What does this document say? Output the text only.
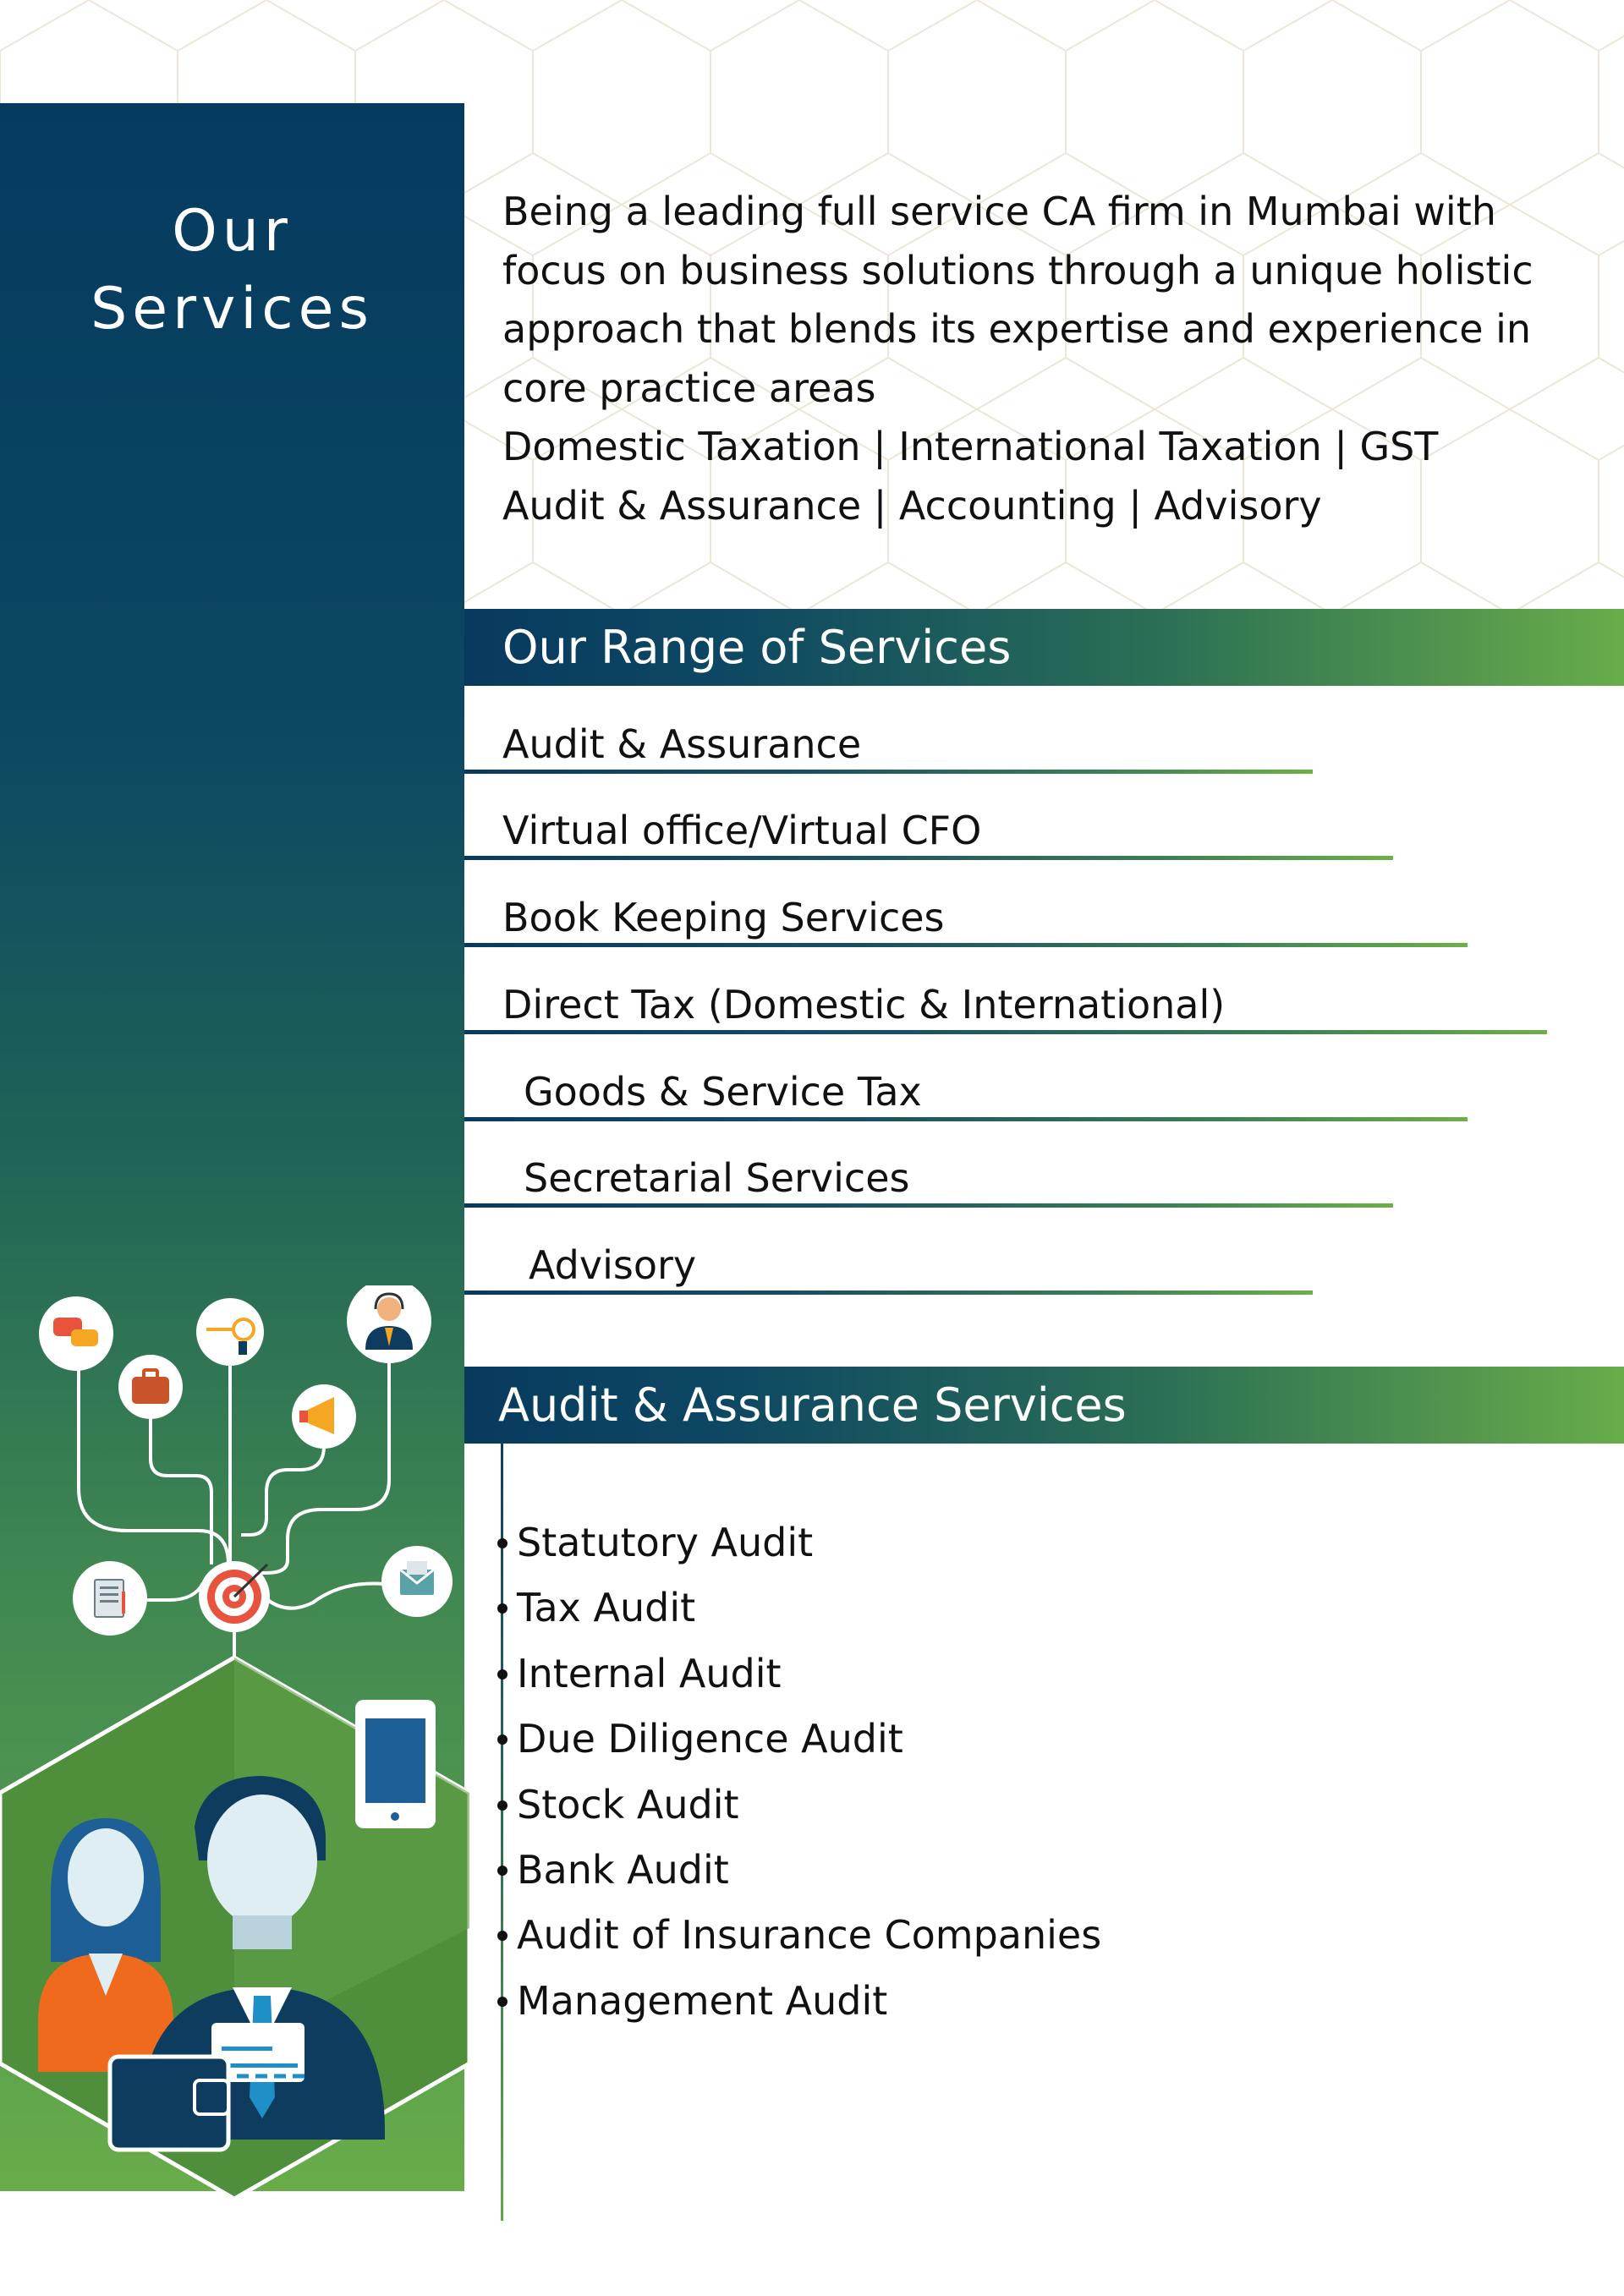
Our
Services

Being a leading full service CA firm in Mumbai with focus on business solutions through a unique holistic approach that blends its expertise and experience in core practice areas

Domestic Taxation | International Taxation | GST

Audit & Assurance | Accounting | Advisory

Our Range of Services
Audit & Assurance
Virtual office/Virtual CFO
Book Keeping Services
Direct Tax (Domestic & International)
Goods & Service Tax
Secretarial Services
Advisory
Audit & Assurance Services
Statutory Audit
Tax Audit
Internal Audit
Due Diligence Audit
Stock Audit
Bank Audit
Audit of Insurance Companies
Management Audit
